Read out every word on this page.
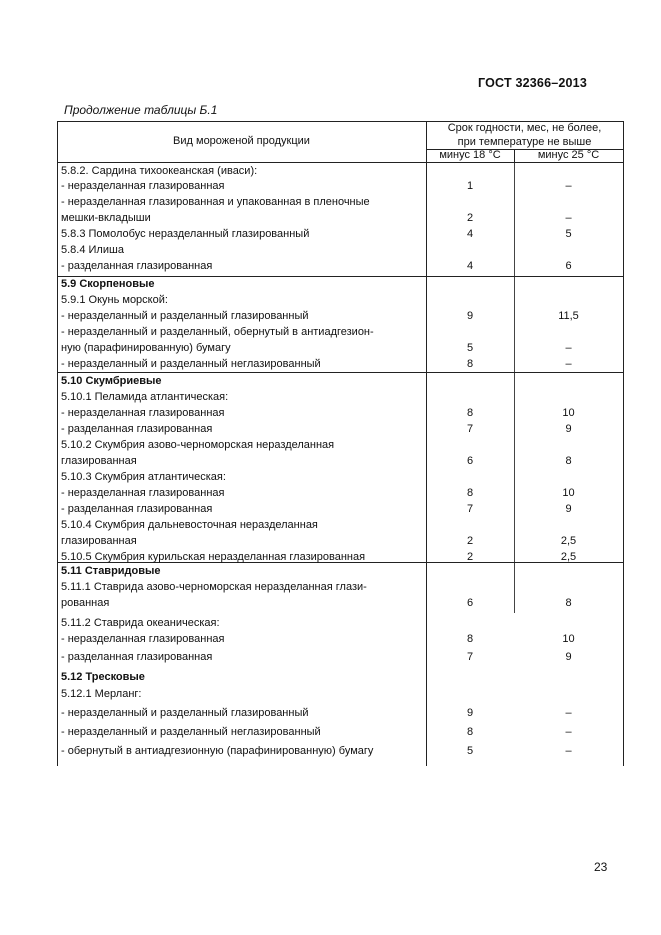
ГОСТ 32366–2013
Продолжение таблицы Б.1
Вид мороженой продукции
Срок годности, мес, не более,
при температуре не выше
минус 18 °С	минус 25 °С
5.8.2. Сардина тихоокеанская (иваси):
- неразделанная глазированная	1	–
- неразделанная глазированная и упакованная в пленочные
мешки-вкладыши	2	–
5.8.3 Помолобус неразделанный глазированный	4	5
5.8.4 Илиша
- разделанная глазированная	4	6
5.9 Скорпеновые
5.9.1 Окунь морской:
- неразделанный и разделанный глазированный	9	11,5
- неразделанный и разделанный, обернутый в антиадгезион-
ную (парафинированную) бумагу	5	–
- неразделанный и разделанный неглазированный	8	–
5.10 Скумбриевые
5.10.1 Пеламида атлантическая:
- неразделанная глазированная	8	10
- разделанная глазированная	7	9
5.10.2 Скумбрия азово-черноморская неразделанная
глазированная	6	8
5.10.3 Скумбрия атлантическая:
- неразделанная глазированная	8	10
- разделанная глазированная	7	9
5.10.4 Скумбрия дальневосточная неразделанная
глазированная	2	2,5
5.10.5 Скумбрия курильская неразделанная глазированная	2	2,5
5.11 Ставридовые
5.11.1 Ставрида азово-черноморская неразделанная глази-
рованная	6	8
5.11.2 Ставрида океаническая:
- неразделанная глазированная	8	10
- разделанная глазированная	7	9
5.12 Тресковые
5.12.1 Мерланг:
- неразделанный и разделанный глазированный	9	–
- неразделанный и разделанный неглазированный	8	–
- обернутый в антиадгезионную (парафинированную) бумагу	5	–
23
